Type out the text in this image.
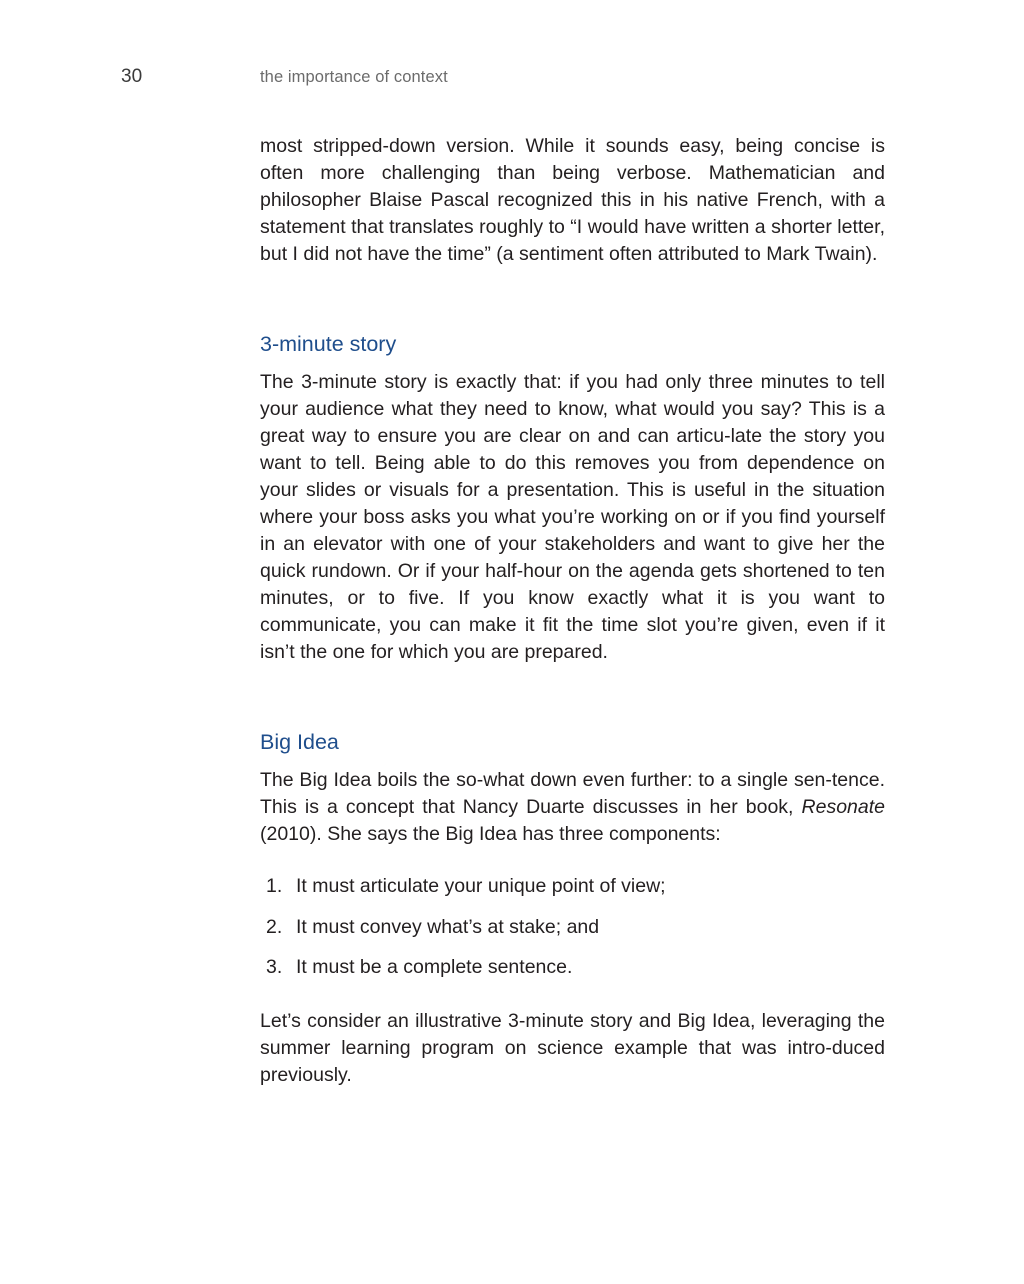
30	the importance of context

most stripped-down version. While it sounds easy, being concise is often more challenging than being verbose. Mathematician and philosopher Blaise Pascal recognized this in his native French, with a statement that translates roughly to “I would have written a shorter letter, but I did not have the time” (a sentiment often attributed to Mark Twain).

3-minute story

The 3-minute story is exactly that: if you had only three minutes to tell your audience what they need to know, what would you say? This is a great way to ensure you are clear on and can articu-late the story you want to tell. Being able to do this removes you from dependence on your slides or visuals for a presentation. This is useful in the situation where your boss asks you what you’re working on or if you find yourself in an elevator with one of your stakeholders and want to give her the quick rundown. Or if your half-hour on the agenda gets shortened to ten minutes, or to five. If you know exactly what it is you want to communicate, you can make it fit the time slot you’re given, even if it isn’t the one for which you are prepared.

Big Idea

The Big Idea boils the so-what down even further: to a single sen-tence. This is a concept that Nancy Duarte discusses in her book, Resonate (2010). She says the Big Idea has three components:

1. It must articulate your unique point of view;
2. It must convey what’s at stake; and
3. It must be a complete sentence.

Let’s consider an illustrative 3-minute story and Big Idea, leveraging the summer learning program on science example that was intro-duced previously.
